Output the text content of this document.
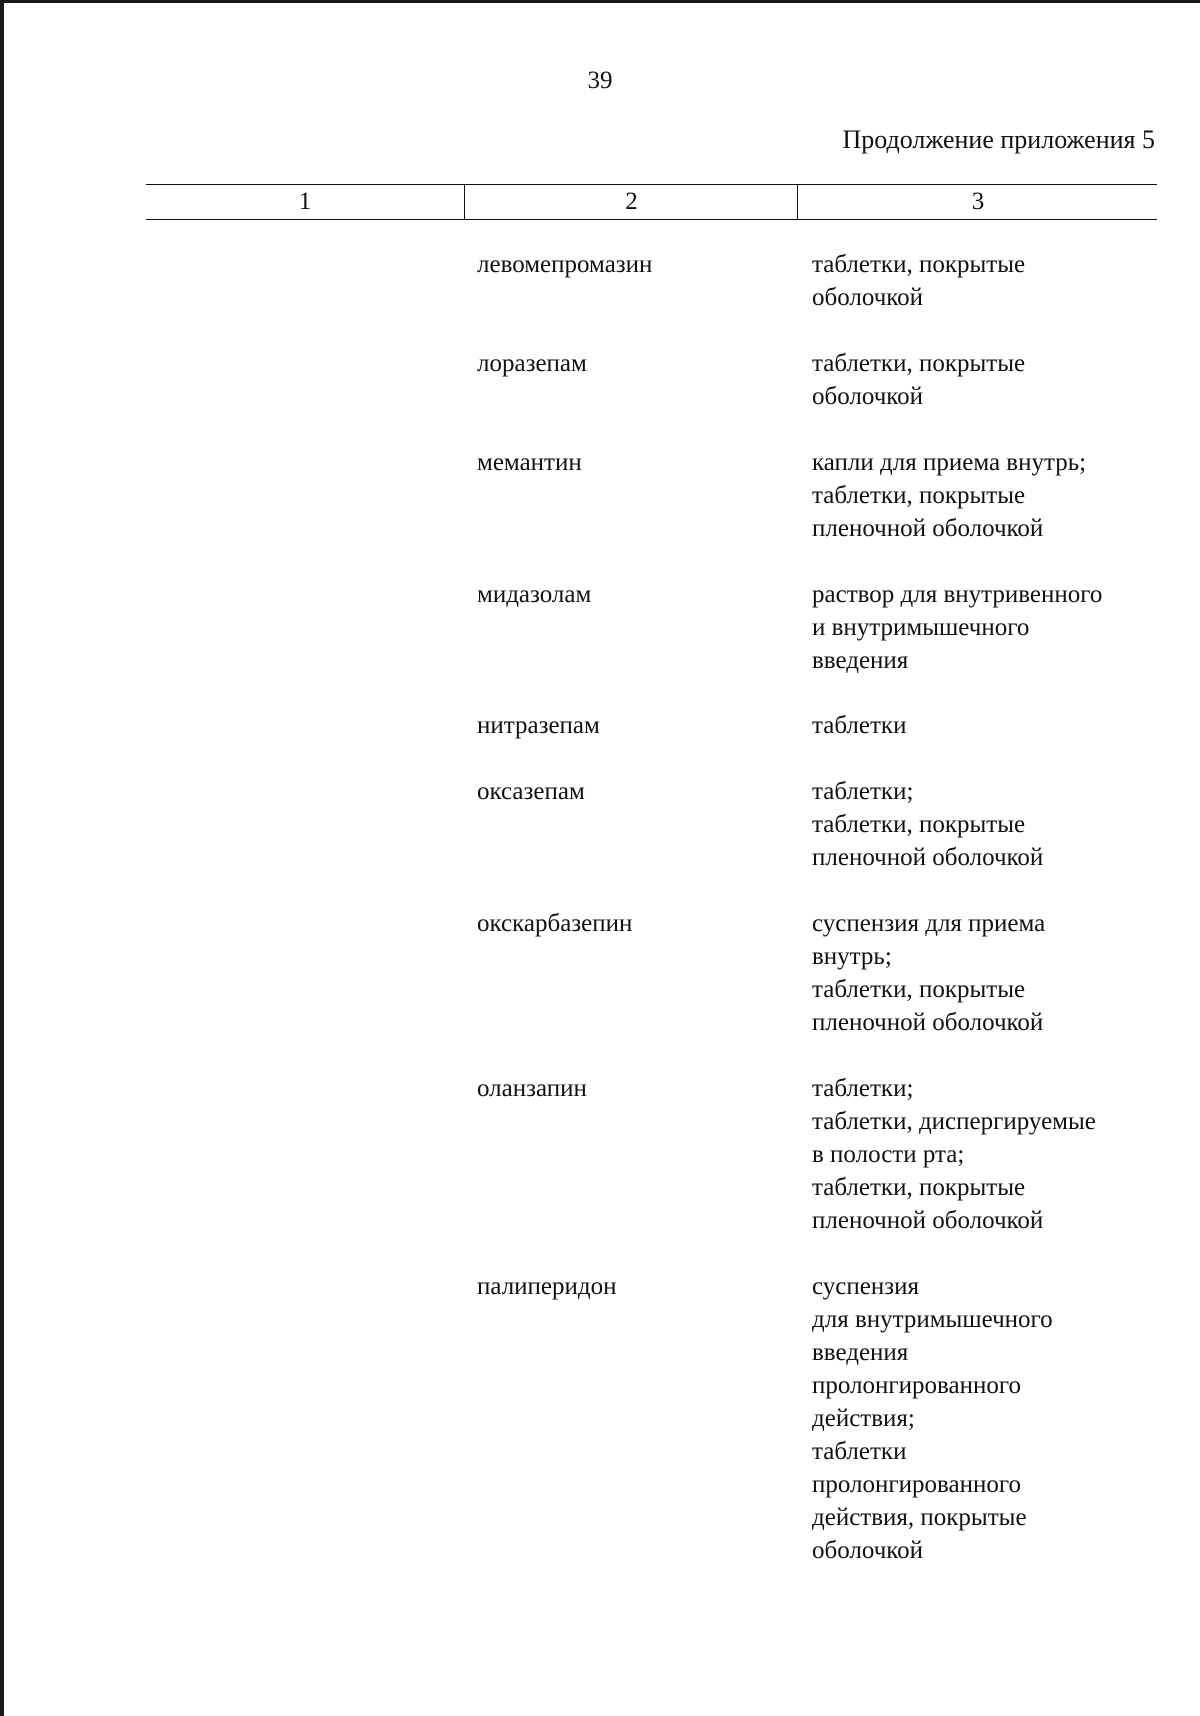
39
Продолжение приложения 5
1	2	3
левомепромазин	таблетки, покрытые
оболочкой
лоразепам	таблетки, покрытые
оболочкой
мемантин	капли для приема внутрь;
таблетки, покрытые
пленочной оболочкой
мидазолам	раствор для внутривенного
и внутримышечного
введения
нитразепам	таблетки
оксазепам	таблетки;
таблетки, покрытые
пленочной оболочкой
окскарбазепин	суспензия для приема
внутрь;
таблетки, покрытые
пленочной оболочкой
оланзапин	таблетки;
таблетки, диспергируемые
в полости рта;
таблетки, покрытые
пленочной оболочкой
палиперидон	суспензия
для внутримышечного
введения
пролонгированного
действия;
таблетки
пролонгированного
действия, покрытые
оболочкой
